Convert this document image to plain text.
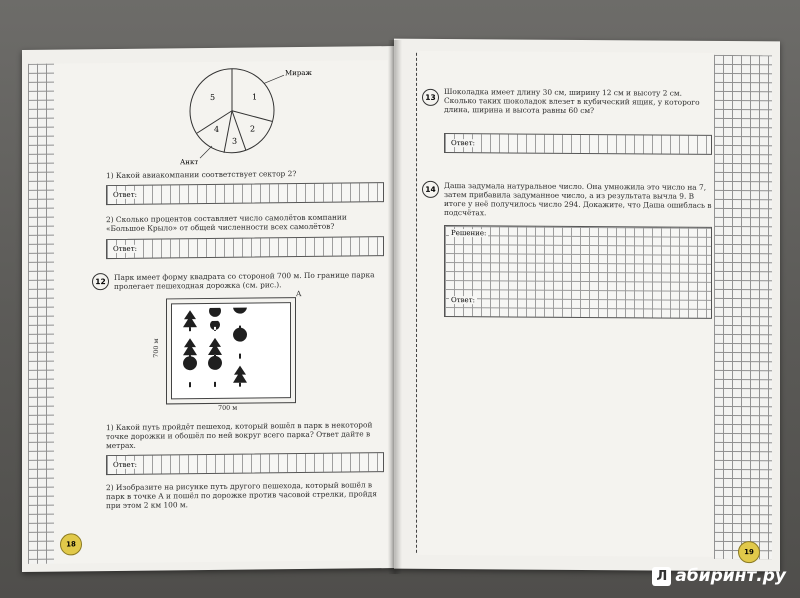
5	1
2
3
4
Мираж
Анкт
1) Какой авиакомпании соответствует сектор 2?
Ответ:
2) Сколько процентов составляет число самолётов компании «Большое Крыло» от общей численности всех самолётов?
Ответ:
12	Парк имеет форму квадрата со стороной 700 м. По границе парка пролегает пешеходная дорожка (см. рис.).
A
700 м
700 м
1) Какой путь пройдёт пешеход, который вошёл в парк в некоторой точке дорожки и обошёл по ней вокруг всего парка? Ответ дайте в метрах.
Ответ:
2) Изобразите на рисунке путь другого пешехода, который вошёл в парк в точке A и пошёл по дорожке против часовой стрелки, пройдя при этом 2 км 100 м.
18
13	Шоколадка имеет длину 30 см, ширину 12 см и высоту 2 см. Сколько таких шоколадок влезет в кубический ящик, у которого длина, ширина и высота равны 60 см?
Ответ:
14	Даша задумала натуральное число. Она умножила это число на 7, затем прибавила задуманное число, а из результата вычла 9. В итоге у неё получилось число 294. Докажите, что Даша ошиблась в подсчётах.
Решение:
Ответ:
19
Л абиринт.ру
